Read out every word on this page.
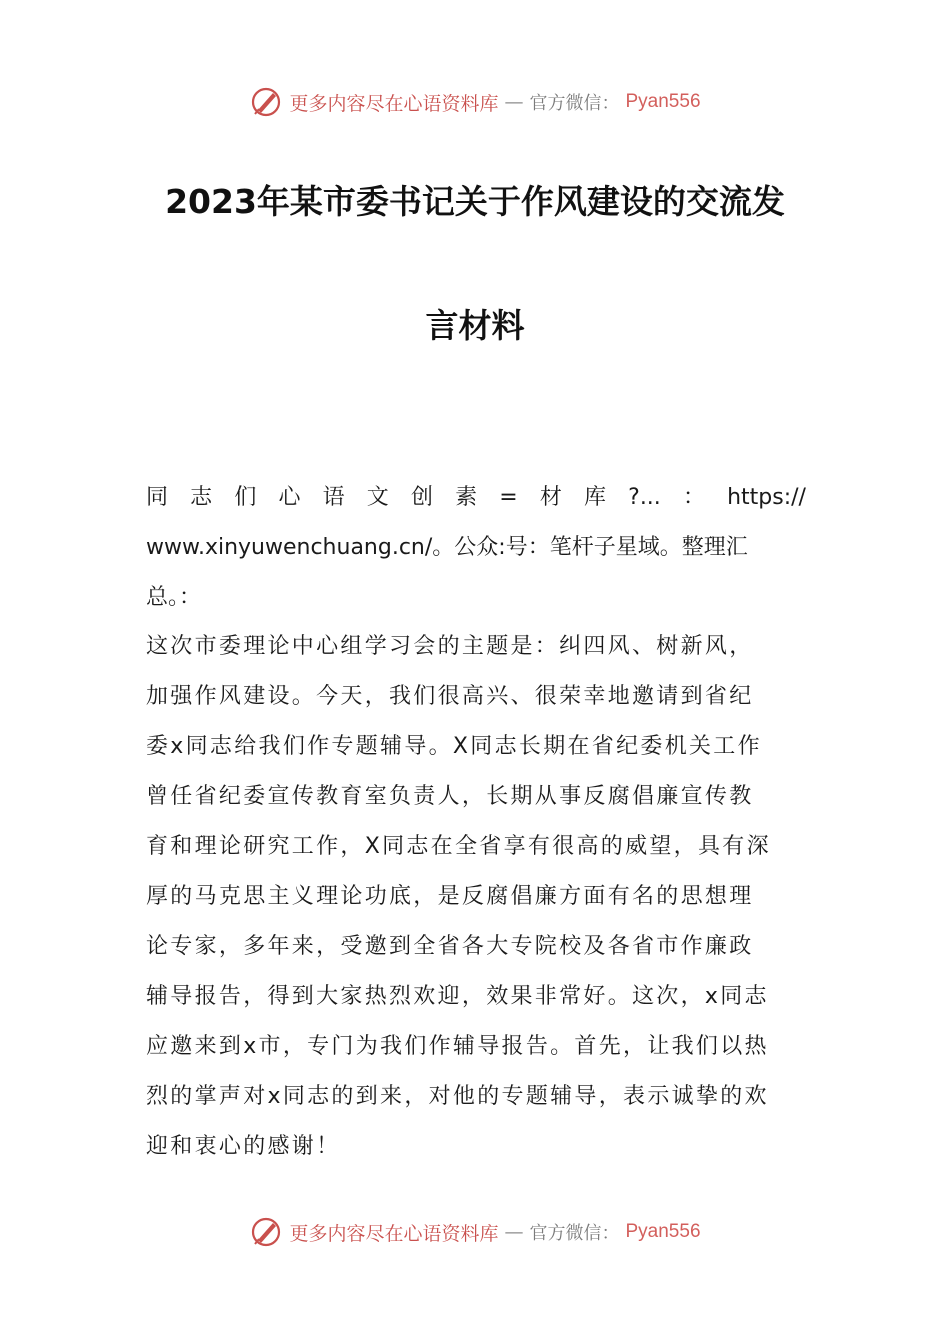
更多内容尽在心语资料库 — 官方微信： Pyan556
2023年某市委书记关于作风建设的交流发
言材料
同 志 们 心 语 文 创 素 = 材 库 ?... ： https://
www.xinyuwenchuang.cn/。公众:号：笔杆子星域。整理汇
总。：
这次市委理论中心组学习会的主题是：纠四风、树新风，
加强作风建设。今天，我们很高兴、很荣幸地邀请到省纪
委x同志给我们作专题辅导。X同志长期在省纪委机关工作
曾任省纪委宣传教育室负责人，长期从事反腐倡廉宣传教
育和理论研究工作，X同志在全省享有很高的威望，具有深
厚的马克思主义理论功底，是反腐倡廉方面有名的思想理
论专家，多年来，受邀到全省各大专院校及各省市作廉政
辅导报告，得到大家热烈欢迎，效果非常好。这次，x同志
应邀来到x市，专门为我们作辅导报告。首先，让我们以热
烈的掌声对x同志的到来，对他的专题辅导，表示诚挚的欢
迎和衷心的感谢！
更多内容尽在心语资料库 — 官方微信： Pyan556
